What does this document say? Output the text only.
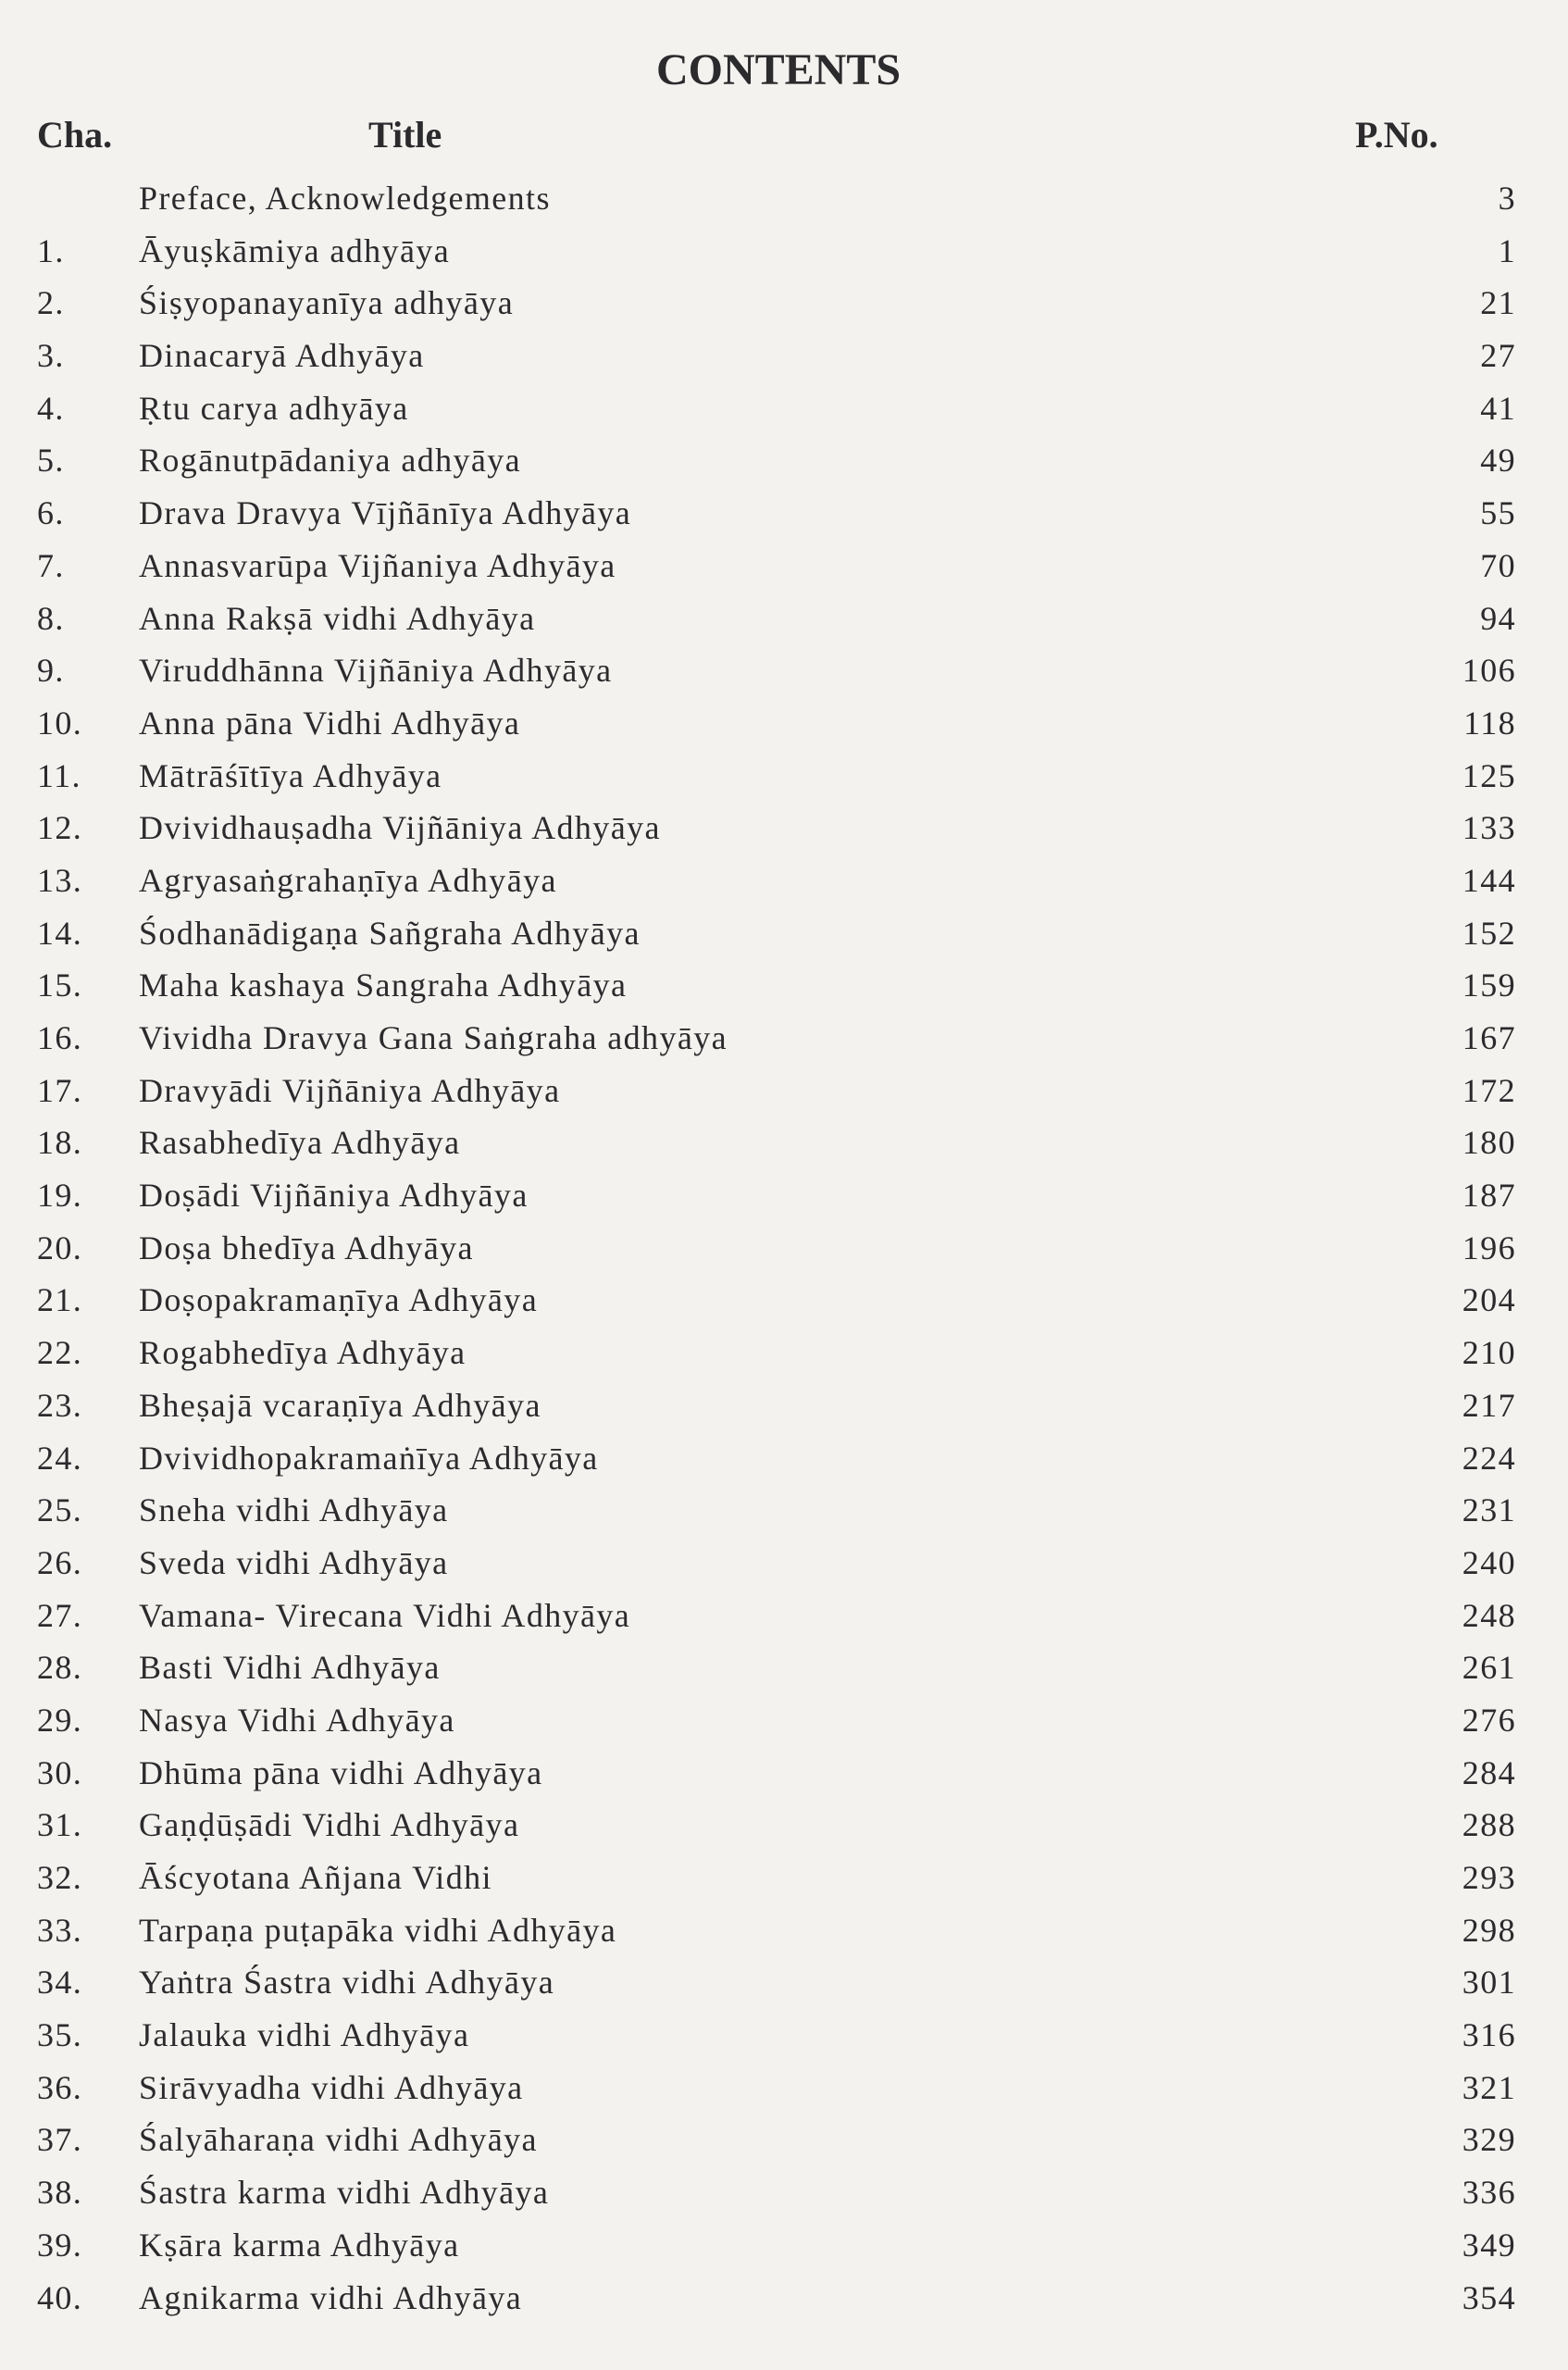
CONTENTS
Cha.	Title	P.No.
Preface, Acknowledgements	3
1. Āyuṣkāmiya adhyāya	1
2. Śiṣyopanayanīya adhyāya	21
3. Dinacaryā Adhyāya	27
4. Ṛtu carya adhyāya	41
5. Rogānutpādaniya adhyāya	49
6. Drava Dravya Vījñānīya Adhyāya	55
7. Annasvarūpa Vijñaniya Adhyāya	70
8. Anna Rakṣā vidhi Adhyāya	94
9. Viruddhānna Vijñāniya Adhyāya	106
10. Anna pāna Vidhi Adhyāya	118
11. Mātrāśītīya Adhyāya	125
12. Dvividhauṣadha Vijñāniya Adhyāya	133
13. Agryasaṅgrahaṇīya Adhyāya	144
14. Śodhanādigaṇa Sañgraha Adhyāya	152
15. Maha kashaya Sangraha Adhyāya	159
16. Vividha Dravya Gana Saṅgraha adhyāya	167
17. Dravyādi Vijñāniya Adhyāya	172
18. Rasabhedīya Adhyāya	180
19. Doṣādi Vijñāniya Adhyāya	187
20. Doṣa bhedīya Adhyāya	196
21. Doṣopakramaṇīya Adhyāya	204
22. Rogabhedīya Adhyāya	210
23. Bheṣajā vcaraṇīya Adhyāya	217
24. Dvividhopakramaṅīya Adhyāya	224
25. Sneha vidhi Adhyāya	231
26. Sveda vidhi Adhyāya	240
27. Vamana- Virecana Vidhi Adhyāya	248
28. Basti Vidhi Adhyāya	261
29. Nasya Vidhi Adhyāya	276
30. Dhūma pāna vidhi Adhyāya	284
31. Gaṇḍūṣādi Vidhi Adhyāya	288
32. Āścyotana Añjana Vidhi	293
33. Tarpaṇa puṭapāka vidhi Adhyāya	298
34. Yaṅtra Śastra vidhi Adhyāya	301
35. Jalauka vidhi Adhyāya	316
36. Sirāvyadha vidhi Adhyāya	321
37. Śalyāharaṇa vidhi Adhyāya	329
38. Śastra karma vidhi Adhyāya	336
39. Kṣāra karma Adhyāya	349
40. Agnikarma vidhi Adhyāya	354
